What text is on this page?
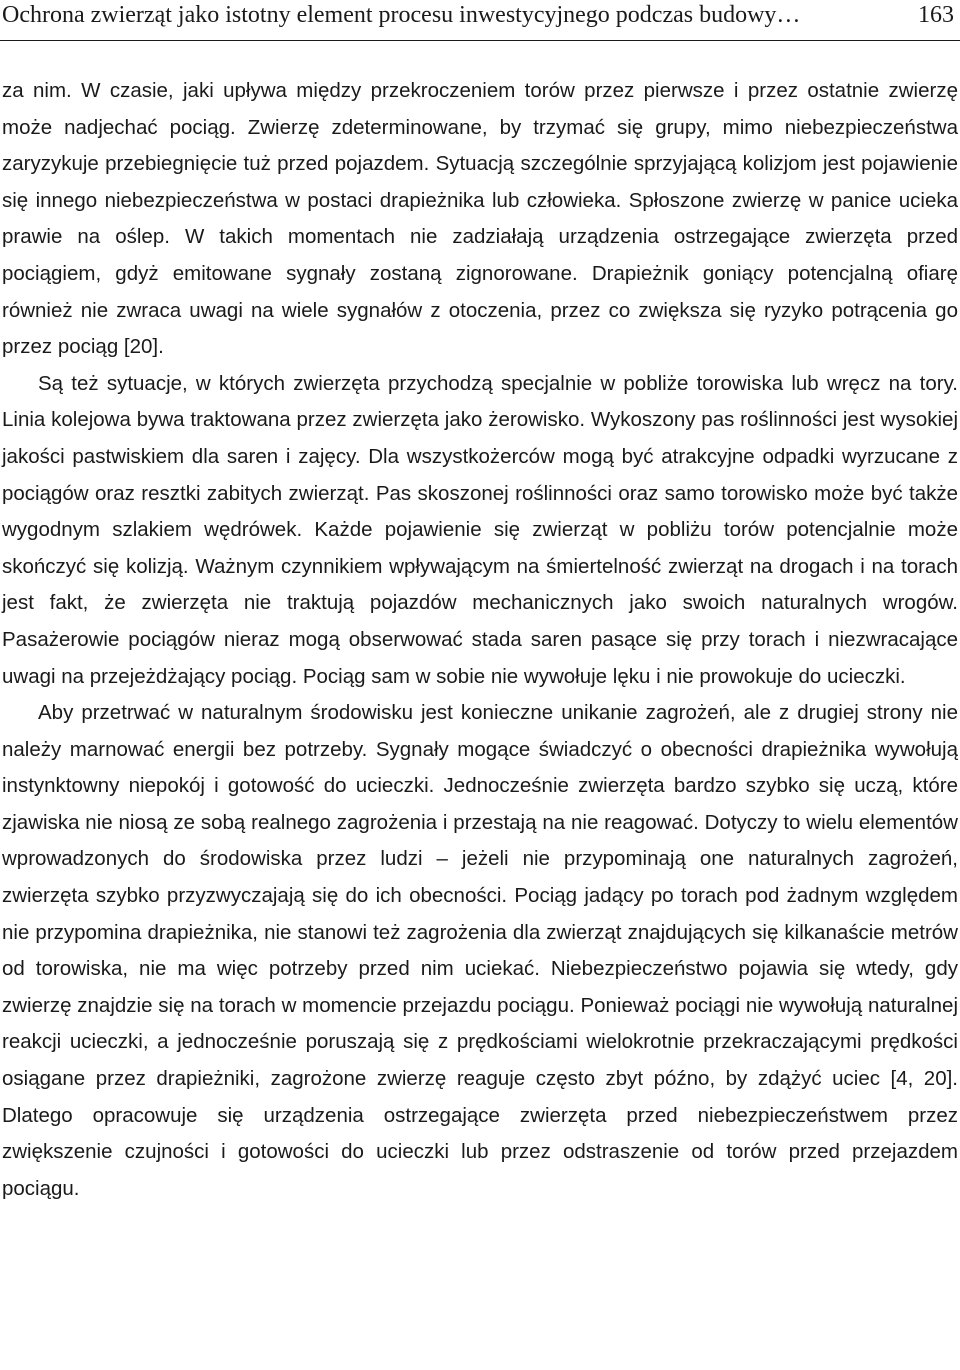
Ochrona zwierząt jako istotny element procesu inwestycyjnego podczas budowy…	163

za nim. W czasie, jaki upływa między przekroczeniem torów przez pierwsze i przez ostatnie zwierzę może nadjechać pociąg. Zwierzę zdeterminowane, by trzymać się grupy, mimo niebezpieczeństwa zaryzykuje przebiegnięcie tuż przed pojazdem. Sytuacją szczególnie sprzyjającą kolizjom jest pojawienie się innego niebezpieczeństwa w postaci drapieżnika lub człowieka. Spłoszone zwierzę w panice ucieka prawie na oślep. W takich momentach nie zadziałają urządzenia ostrzegające zwierzęta przed pociągiem, gdyż emitowane sygnały zostaną zignorowane. Drapieżnik goniący potencjalną ofiarę również nie zwraca uwagi na wiele sygnałów z otoczenia, przez co zwiększa się ryzyko potrącenia go przez pociąg [20].

Są też sytuacje, w których zwierzęta przychodzą specjalnie w pobliże torowiska lub wręcz na tory. Linia kolejowa bywa traktowana przez zwierzęta jako żerowisko. Wykoszony pas roślinności jest wysokiej jakości pastwiskiem dla saren i zajęcy. Dla wszystkożerców mogą być atrakcyjne odpadki wyrzucane z pociągów oraz resztki zabitych zwierząt. Pas skoszonej roślinności oraz samo torowisko może być także wygodnym szlakiem wędrówek. Każde pojawienie się zwierząt w pobliżu torów potencjalnie może skończyć się kolizją. Ważnym czynnikiem wpływającym na śmiertelność zwierząt na drogach i na torach jest fakt, że zwierzęta nie traktują pojazdów mechanicznych jako swoich naturalnych wrogów. Pasażerowie pociągów nieraz mogą obserwować stada saren pasące się przy torach i niezwracające uwagi na przejeżdżający pociąg. Pociąg sam w sobie nie wywołuje lęku i nie prowokuje do ucieczki.

Aby przetrwać w naturalnym środowisku jest konieczne unikanie zagrożeń, ale z drugiej strony nie należy marnować energii bez potrzeby. Sygnały mogące świadczyć o obecności drapieżnika wywołują instynktowny niepokój i gotowość do ucieczki. Jednocześnie zwierzęta bardzo szybko się uczą, które zjawiska nie niosą ze sobą realnego zagrożenia i przestają na nie reagować. Dotyczy to wielu elementów wprowadzonych do środowiska przez ludzi – jeżeli nie przypominają one naturalnych zagrożeń, zwierzęta szybko przyzwyczajają się do ich obecności. Pociąg jadący po torach pod żadnym względem nie przypomina drapieżnika, nie stanowi też zagrożenia dla zwierząt znajdujących się kilkanaście metrów od torowiska, nie ma więc potrzeby przed nim uciekać. Niebezpieczeństwo pojawia się wtedy, gdy zwierzę znajdzie się na torach w momencie przejazdu pociągu. Ponieważ pociągi nie wywołują naturalnej reakcji ucieczki, a jednocześnie poruszają się z prędkościami wielokrotnie przekraczającymi prędkości osiągane przez drapieżniki, zagrożone zwierzę reaguje często zbyt późno, by zdążyć uciec [4, 20]. Dlatego opracowuje się urządzenia ostrzegające zwierzęta przed niebezpieczeństwem przez zwiększenie czujności i gotowości do ucieczki lub przez odstraszenie od torów przed przejazdem pociągu.
